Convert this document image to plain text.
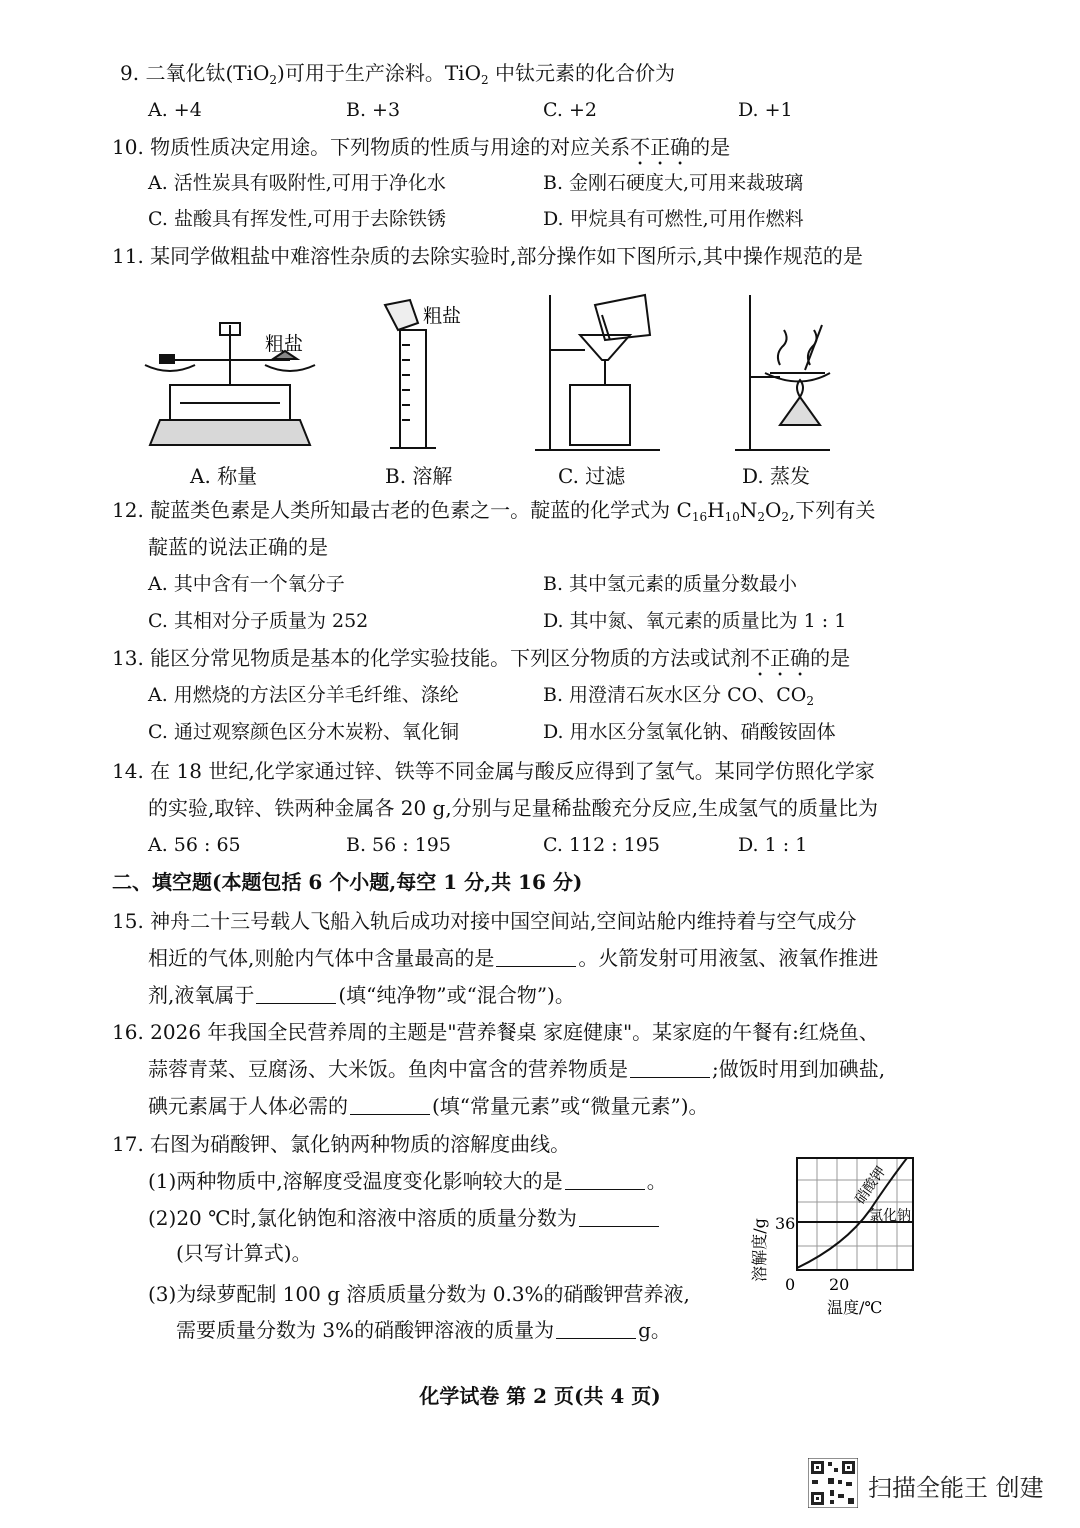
9. 二氧化钛(TiO$_2$)可用于生产涂料。TiO$_2$ 中钛元素的化合价为
A. +4	B. +3	C. +2	D. +1
10. 物质性质决定用途。下列物质的性质与用途的对应关系不正确的是
A. 活性炭具有吸附性,可用于净化水	B. 金刚石硬度大,可用来裁玻璃
C. 盐酸具有挥发性,可用于去除铁锈	D. 甲烷具有可燃性,可用作燃料
11. 某同学做粗盐中难溶性杂质的去除实验时,部分操作如下图所示,其中操作规范的是
粗盐
粗盐
A. 称量	B. 溶解	C. 过滤	D. 蒸发
12. 靛蓝类色素是人类所知最古老的色素之一。靛蓝的化学式为 $C_{16}H_{10}N_2O_2$,下列有关
靛蓝的说法正确的是
A. 其中含有一个氧分子	B. 其中氢元素的质量分数最小
C. 其相对分子质量为 252	D. 其中氮、氧元素的质量比为 1 : 1
13. 能区分常见物质是基本的化学实验技能。下列区分物质的方法或试剂不正确的是
A. 用燃烧的方法区分羊毛纤维、涤纶	B. 用澄清石灰水区分 CO、$CO_2$
C. 通过观察颜色区分木炭粉、氧化铜	D. 用水区分氢氧化钠、硝酸铵固体
14. 在 18 世纪,化学家通过锌、铁等不同金属与酸反应得到了氢气。某同学仿照化学家
的实验,取锌、铁两种金属各 20 g,分别与足量稀盐酸充分反应,生成氢气的质量比为
A. 56 : 65	B. 56 : 195	C. 112 : 195	D. 1 : 1
二、填空题(本题包括 6 个小题,每空 1 分,共 16 分)
15. 神舟二十三号载人飞船入轨后成功对接中国空间站,空间站舱内维持着与空气成分
相近的气体,则舱内气体中含量最高的是	。火箭发射可用液氢、液氧作推进
剂,液氧属于	(填“纯净物”或“混合物”)。
16. 2026 年我国全民营养周的主题是"营养餐桌 家庭健康"。某家庭的午餐有:红烧鱼、
蒜蓉青菜、豆腐汤、大米饭。鱼肉中富含的营养物质是	;做饭时用到加碘盐,
碘元素属于人体必需的	(填“常量元素”或“微量元素”)。
17. 右图为硝酸钾、氯化钠两种物质的溶解度曲线。
(1)两种物质中,溶解度受温度变化影响较大的是	。
(2)20 ℃时,氯化钠饱和溶液中溶质的质量分数为
(只写计算式)。
(3)为绿萝配制 100 g 溶质质量分数为 0.3%的硝酸钾营养液,
需要质量分数为 3%的硝酸钾溶液的质量为	g。
硝酸钾
氯化钠
36
0 20
温度/℃
溶解度/g
化学试卷 第 2 页(共 4 页)
扫描全能王 创建
